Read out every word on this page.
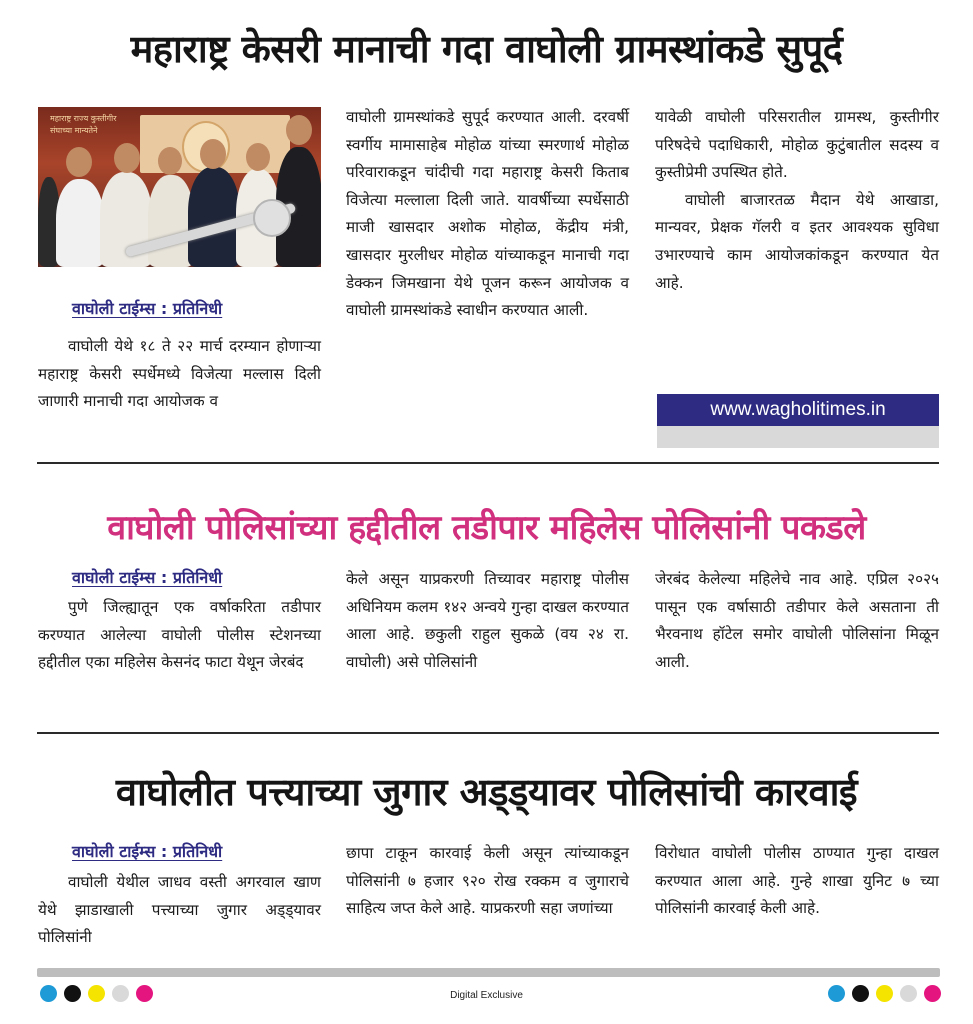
महाराष्ट्र केसरी मानाची गदा वाघोली ग्रामस्थांकडे सुपूर्द
महाराष्ट्र राज्य कुस्तीगीर संघाच्या मान्यतेने
वाघोली टाईम्स : प्रतिनिधी

वाघोली येथे १८ ते २२ मार्च दरम्यान होणाऱ्या महाराष्ट्र केसरी स्पर्धेमध्ये विजेत्या मल्लास दिली जाणारी मानाची गदा आयोजक व

वाघोली ग्रामस्थांकडे सुपूर्द करण्यात आली. दरवर्षी स्वर्गीय मामासाहेब मोहोळ यांच्या स्मरणार्थ मोहोळ परिवाराकडून चांदीची गदा महाराष्ट्र केसरी किताब विजेत्या मल्लाला दिली जाते. यावर्षीच्या स्पर्धेसाठी माजी खासदार अशोक मोहोळ, केंद्रीय मंत्री, खासदार मुरलीधर मोहोळ यांच्याकडून मानाची गदा डेक्कन जिमखाना येथे पूजन करून आयोजक व वाघोली ग्रामस्थांकडे स्वाधीन करण्यात आली.

यावेळी वाघोली परिसरातील ग्रामस्थ, कुस्तीगीर परिषदेचे पदाधिकारी, मोहोळ कुटुंबातील सदस्य व कुस्तीप्रेमी उपस्थित होते.

वाघोली बाजारतळ मैदान येथे आखाडा, मान्यवर, प्रेक्षक गॅलरी व इतर आवश्यक सुविधा उभारण्याचे काम आयोजकांकडून करण्यात येत आहे.

www.wagholitimes.in
वाघोली पोलिसांच्या हद्दीतील तडीपार महिलेस पोलिसांनी पकडले
वाघोली टाईम्स : प्रतिनिधी

पुणे जिल्ह्यातून एक वर्षाकरिता तडीपार करण्यात आलेल्या वाघोली पोलीस स्टेशनच्या हद्दीतील एका महिलेस केसनंद फाटा येथून जेरबंद

केले असून याप्रकरणी तिच्यावर महाराष्ट्र पोलीस अधिनियम कलम १४२ अन्वये गुन्हा दाखल करण्यात आला आहे. छकुली राहुल सुकळे (वय २४ रा. वाघोली) असे पोलिसांनी

जेरबंद केलेल्या महिलेचे नाव आहे. एप्रिल २०२५ पासून एक वर्षासाठी तडीपार केले असताना ती भैरवनाथ हॉटेल समोर वाघोली पोलिसांना मिळून आली.

वाघोलीत पत्त्याच्या जुगार अड्ड्यावर पोलिसांची कारवाई
वाघोली टाईम्स : प्रतिनिधी

वाघोली येथील जाधव वस्ती अगरवाल खाण येथे झाडाखाली पत्त्याच्या जुगार अड्ड्यावर पोलिसांनी

छापा टाकून कारवाई केली असून त्यांच्याकडून पोलिसांनी ७ हजार ९२० रोख रक्कम व जुगाराचे साहित्य जप्त केले आहे. याप्रकरणी सहा जणांच्या

विरोधात वाघोली पोलीस ठाण्यात गुन्हा दाखल करण्यात आला आहे. गुन्हे शाखा युनिट ७ च्या पोलिसांनी कारवाई केली आहे.

Digital Exclusive
